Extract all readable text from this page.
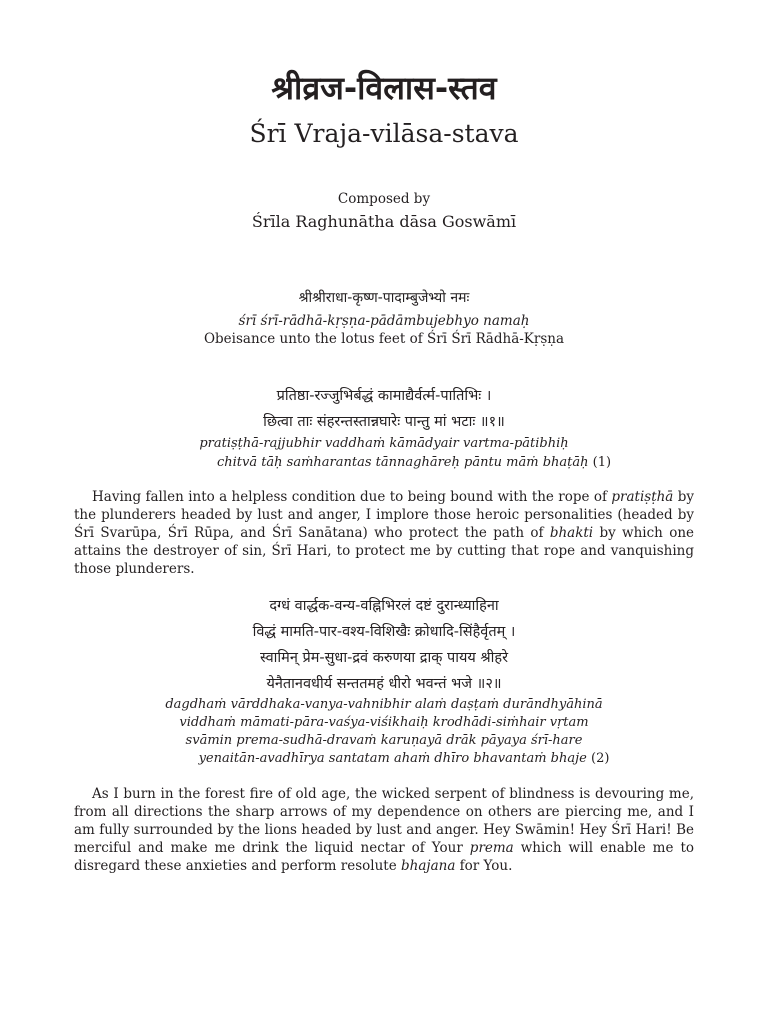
श्रीव्रज-विलास-स्तव
Śrī Vraja-vilāsa-stava
Composed by
Śrīla Raghunātha dāsa Goswāmī
श्रीश्रीराधा-कृष्ण-पादाम्बुजेभ्यो नमः
śrī śrī-rādhā-kṛṣṇa-pādāmbujebhyo namaḥ
Obeisance unto the lotus feet of Śrī Śrī Rādhā-Kṛṣṇa
प्रतिष्ठा-रज्जुभिर्बद्धं कामाद्यैर्वर्त्म-पातिभिः ।
छित्वा ताः संहरन्तस्तान्नघारेः पान्तु मां भटाः ॥१॥
pratiṣṭhā-rajjubhir vaddhaṁ kāmādyair vartma-pātibhiḥ
chitvā tāḥ saṁharantas tānnaghāreḥ pāntu māṁ bhaṭāḥ (1)

Having fallen into a helpless condition due to being bound with the rope of pratiṣṭhā by the plunderers headed by lust and anger, I implore those heroic personalities (headed by Śrī Svarūpa, Śrī Rūpa, and Śrī Sanātana) who protect the path of bhakti by which one attains the destroyer of sin, Śrī Hari, to protect me by cutting that rope and vanquishing those plunderers.

दग्धं वार्द्धक-वन्य-वह्निभिरलं दष्टं दुरान्ध्याहिना
विद्धं मामति-पार-वश्य-विशिखैः क्रोधादि-सिंहैर्वृतम् ।
स्वामिन् प्रेम-सुधा-द्रवं करुणया द्राक् पायय श्रीहरे
येनैतानवधीर्य सन्ततमहं धीरो भवन्तं भजे ॥२॥
dagdhaṁ vārddhaka-vanya-vahnibhir alaṁ daṣṭaṁ durāndhyāhinā
viddhaṁ māmati-pāra-vaśya-viśikhaiḥ krodhādi-siṁhair vṛtam
svāmin prema-sudhā-dravaṁ karuṇayā drāk pāyaya śrī-hare
yenaitān-avadhīrya santatam ahaṁ dhīro bhavantaṁ bhaje (2)

As I burn in the forest fire of old age, the wicked serpent of blindness is devouring me, from all directions the sharp arrows of my dependence on others are piercing me, and I am fully surrounded by the lions headed by lust and anger. Hey Swāmin! Hey Śrī Hari! Be merciful and make me drink the liquid nectar of Your prema which will enable me to disregard these anxieties and perform resolute bhajana for You.
